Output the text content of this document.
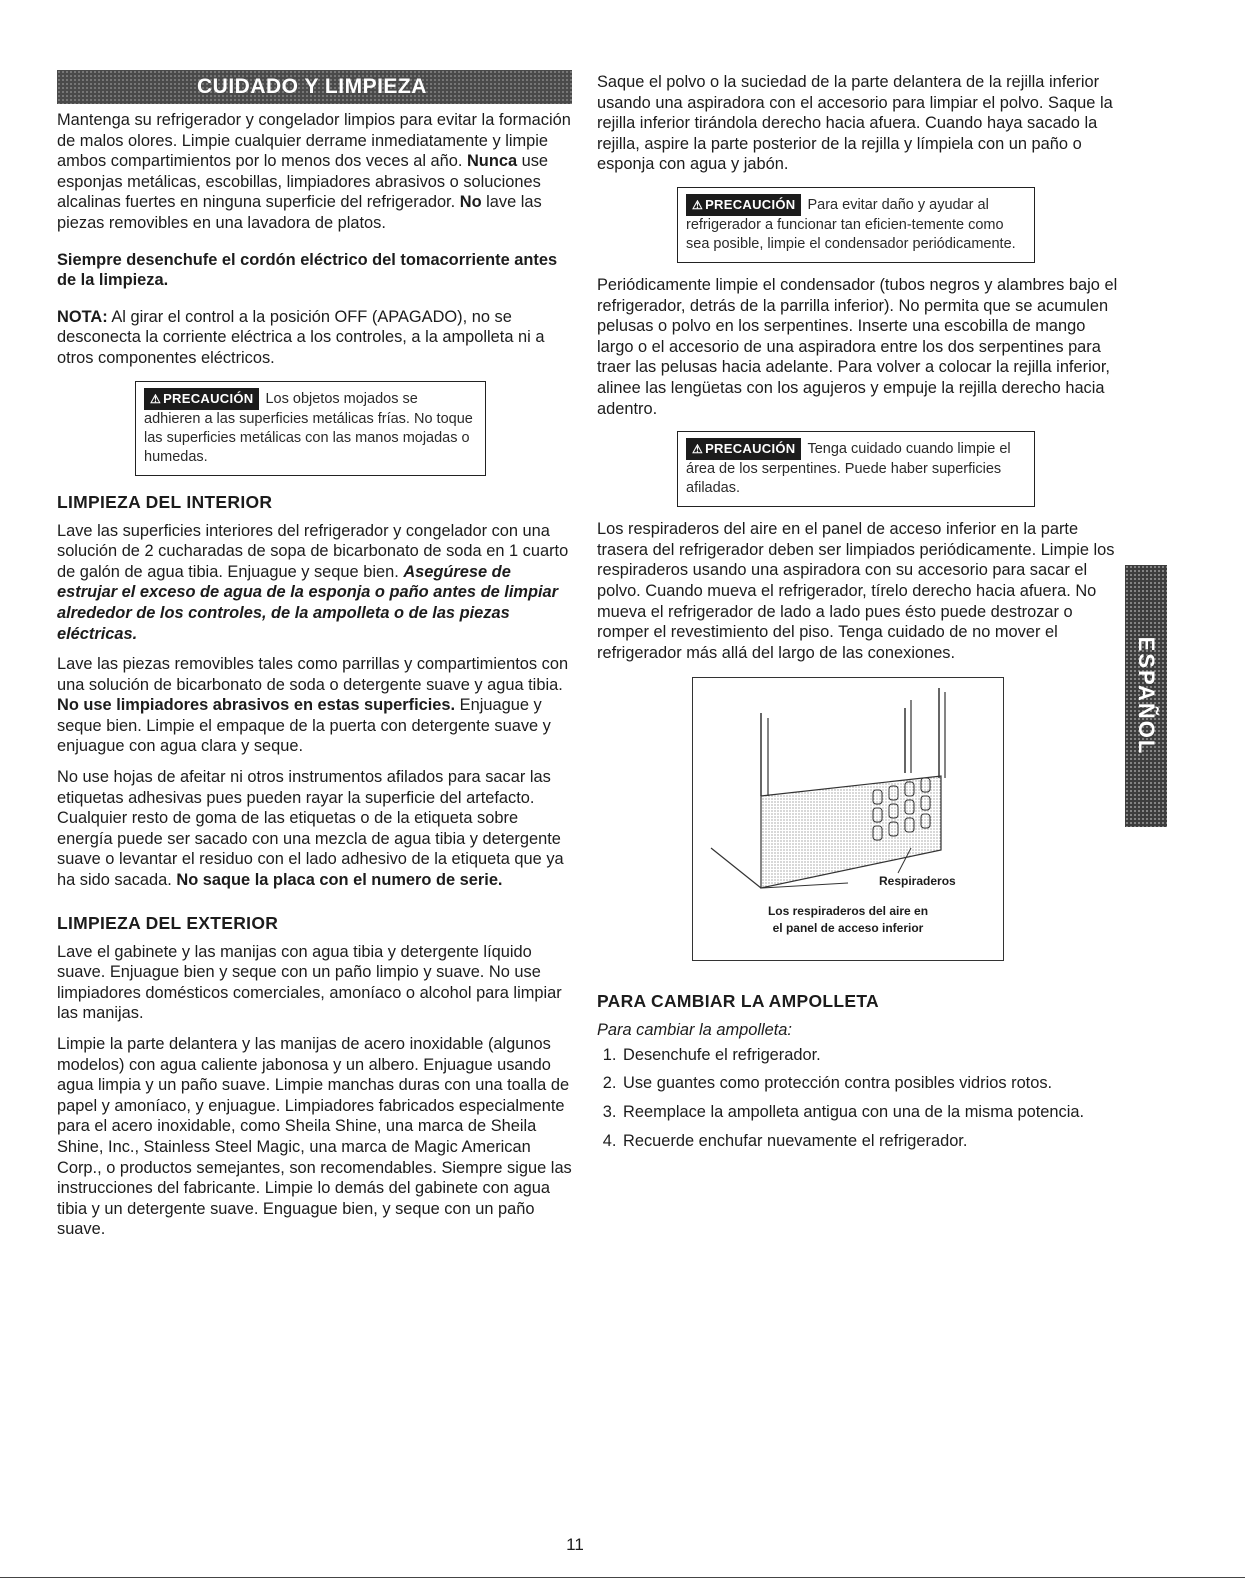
CUIDADO Y LIMPIEZA

Mantenga su refrigerador y congelador limpios para evitar la formación de malos olores. Limpie cualquier derrame inmediatamente y limpie ambos compartimientos por lo menos dos veces al año. Nunca use esponjas metálicas, escobillas, limpiadores abrasivos o soluciones alcalinas fuertes en ninguna superficie del refrigerador. No lave las piezas removibles en una lavadora de platos.

Siempre desenchufe el cordón eléctrico del tomacorriente antes de la limpieza.

NOTA: Al girar el control a la posición OFF (APAGADO), no se desconecta la corriente eléctrica a los controles, a la ampolleta ni a otros componentes eléctricos.

⚠ PRECAUCIÓN Los objetos mojados se adhieren a las superficies metálicas frías. No toque las superficies metálicas con las manos mojadas o humedas.
LIMPIEZA DEL INTERIOR

Lave las superficies interiores del refrigerador y congelador con una solución de 2 cucharadas de sopa de bicarbonato de soda en 1 cuarto de galón de agua tibia. Enjuague y seque bien. Asegúrese de estrujar el exceso de agua de la esponja o paño antes de limpiar alrededor de los controles, de la ampolleta o de las piezas eléctricas.

Lave las piezas removibles tales como parrillas y compartimientos con una solución de bicarbonato de soda o detergente suave y agua tibia. No use limpiadores abrasivos en estas superficies. Enjuague y seque bien. Limpie el empaque de la puerta con detergente suave y enjuague con agua clara y seque.

No use hojas de afeitar ni otros instrumentos afilados para sacar las etiquetas adhesivas pues pueden rayar la superficie del artefacto. Cualquier resto de goma de las etiquetas o de la etiqueta sobre energía puede ser sacado con una mezcla de agua tibia y detergente suave o levantar el residuo con el lado adhesivo de la etiqueta que ya ha sido sacada. No saque la placa con el numero de serie.

LIMPIEZA DEL EXTERIOR

Lave el gabinete y las manijas con agua tibia y detergente líquido suave. Enjuague bien y seque con un paño limpio y suave. No use limpiadores domésticos comerciales, amoníaco o alcohol para limpiar las manijas.

Limpie la parte delantera y las manijas de acero inoxidable (algunos modelos) con agua caliente jabonosa y un albero. Enjuague usando agua limpia y un paño suave. Limpie manchas duras con una toalla de papel y amoníaco, y enjuague. Limpiadores fabricados especialmente para el acero inoxidable, como Sheila Shine, una marca de Sheila Shine, Inc., Stainless Steel Magic, una marca de Magic American Corp., o productos semejantes, son recomendables. Siempre sigue las instrucciones del fabricante. Limpie lo demás del gabinete con agua tibia y un detergente suave. Enguague bien, y seque con un paño suave.

Saque el polvo o la suciedad de la parte delantera de la rejilla inferior usando una aspiradora con el accesorio para limpiar el polvo. Saque la rejilla inferior tirándola derecho hacia afuera. Cuando haya sacado la rejilla, aspire la parte posterior de la rejilla y límpiela con un paño o esponja con agua y jabón.

⚠ PRECAUCIÓN Para evitar daño y ayudar al refrigerador a funcionar tan eficien-temente como sea posible, limpie el condensador periódicamente.

Periódicamente limpie el condensador (tubos negros y alambres bajo el refrigerador, detrás de la parrilla inferior). No permita que se acumulen pelusas o polvo en los serpentines. Inserte una escobilla de mango largo o el accesorio de una aspiradora entre los dos serpentines para traer las pelusas hacia adelante. Para volver a colocar la rejilla inferior, alinee las lengüetas con los agujeros y empuje la rejilla derecho hacia adentro.

⚠ PRECAUCIÓN Tenga cuidado cuando limpie el área de los serpentines. Puede haber superficies afiladas.

Los respiraderos del aire en el panel de acceso inferior en la parte trasera del refrigerador deben ser limpiados periódicamente. Limpie los respiraderos usando una aspiradora con su accesorio para sacar el polvo. Cuando mueva el refrigerador, tírelo derecho hacia afuera. No mueva el refrigerador de lado a lado pues ésto puede destrozar o romper el revestimiento del piso. Tenga cuidado de no mover el refrigerador más allá del largo de las conexiones.

Respiraderos
Los respiraderos del aire en
el panel de acceso inferior
PARA CAMBIAR LA AMPOLLETA

Para cambiar la ampolleta:

1. Desenchufe el refrigerador.
2. Use guantes como protección contra posibles vidrios rotos.
3. Reemplace la ampolleta antigua con una de la misma potencia.
4. Recuerde enchufar nuevamente el refrigerador.
ESPAÑOL
11
